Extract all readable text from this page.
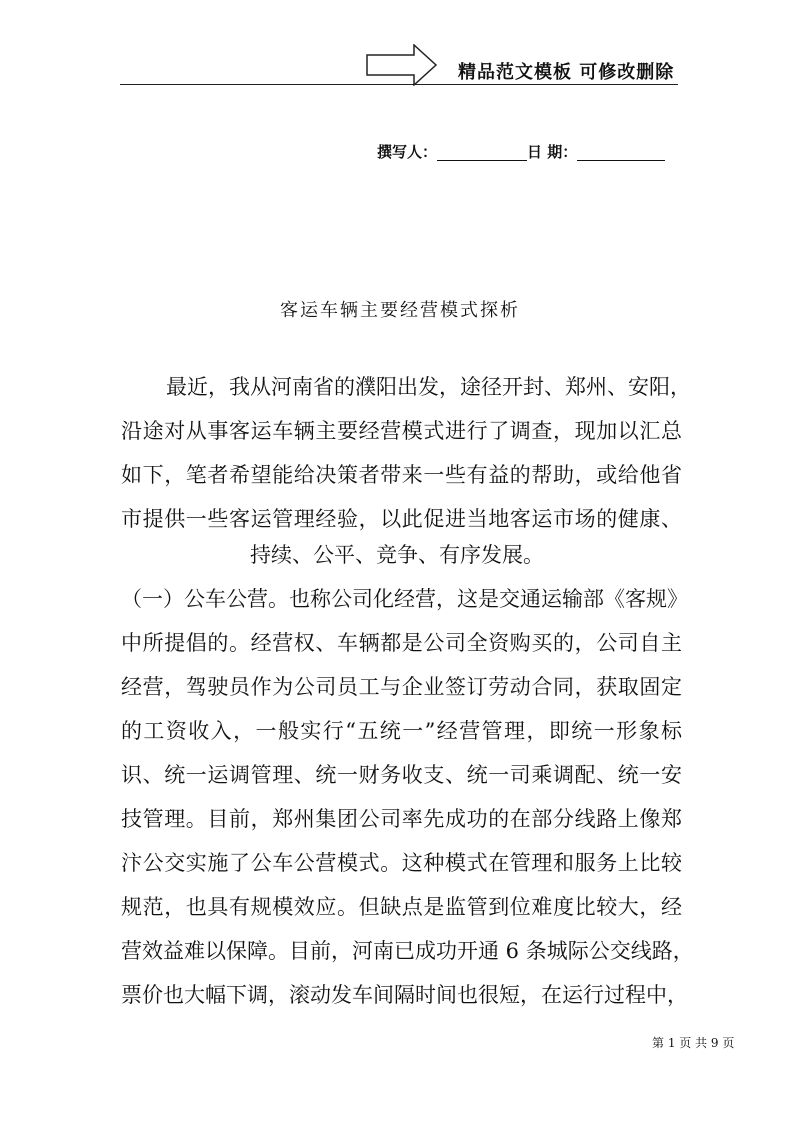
精品范文模板 可修改删除
撰写人：	日 期：
客运车辆主要经营模式探析
最近，我从河南省的濮阳出发，途径开封、郑州、安阳，
沿途对从事客运车辆主要经营模式进行了调查，现加以汇总
如下，笔者希望能给决策者带来一些有益的帮助，或给他省
市提供一些客运管理经验，以此促进当地客运市场的健康、
持续、公平、竞争、有序发展。
（一）公车公营。也称公司化经营，这是交通运输部《客规》
中所提倡的。经营权、车辆都是公司全资购买的，公司自主
经营，驾驶员作为公司员工与企业签订劳动合同，获取固定
的工资收入，一般实行“五统一”经营管理，即统一形象标
识、统一运调管理、统一财务收支、统一司乘调配、统一安
技管理。目前，郑州集团公司率先成功的在部分线路上像郑
汴公交实施了公车公营模式。这种模式在管理和服务上比较
规范，也具有规模效应。但缺点是监管到位难度比较大，经
营效益难以保障。目前，河南已成功开通 6 条城际公交线路，
票价也大幅下调，滚动发车间隔时间也很短，在运行过程中，
第 1 页 共 9 页
